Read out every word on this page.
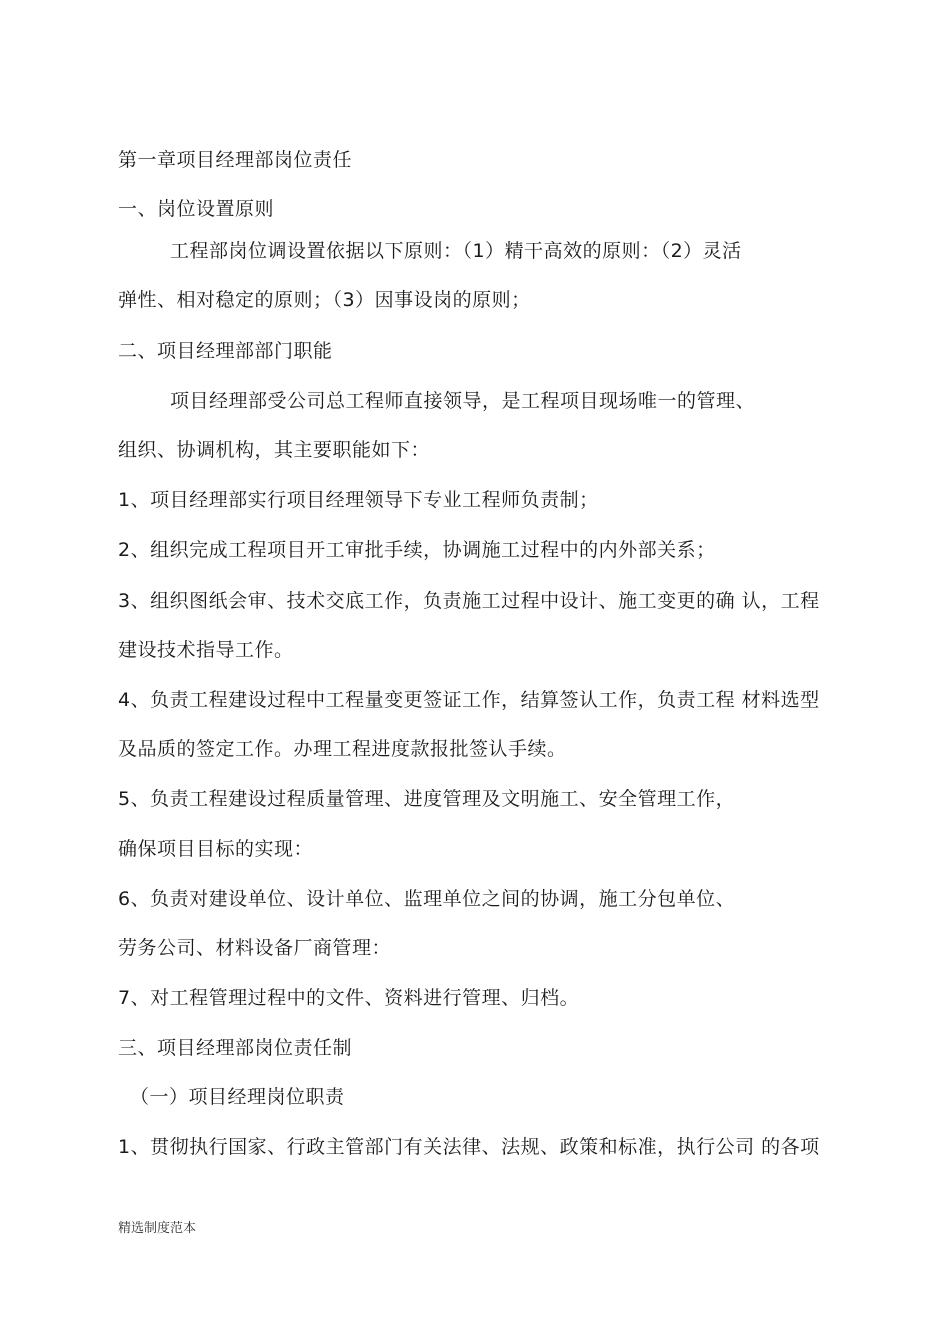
第一章项目经理部岗位责任
一、岗位设置原则
工程部岗位调设置依据以下原则：（1）精干高效的原则：（2）灵活
弹性、相对稳定的原则；（3）因事设岗的原则；
二、项目经理部部门职能
项目经理部受公司总工程师直接领导，是工程项目现场唯一的管理、
组织、协调机构，其主要职能如下：
1、项目经理部实行项目经理领导下专业工程师负责制；
2、组织完成工程项目开工审批手续，协调施工过程中的内外部关系；
3、组织图纸会审、技术交底工作，负责施工过程中设计、施工变更的确 认，工程
建设技术指导工作。
4、负责工程建设过程中工程量变更签证工作，结算签认工作，负责工程 材料选型
及品质的签定工作。办理工程进度款报批签认手续。
5、负责工程建设过程质量管理、进度管理及文明施工、安全管理工作，
确保项目目标的实现：
6、负责对建设单位、设计单位、监理单位之间的协调，施工分包单位、
劳务公司、材料设备厂商管理：
7、对工程管理过程中的文件、资料进行管理、归档。
三、项目经理部岗位责任制
（一）项目经理岗位职责
1、贯彻执行国家、行政主管部门有关法律、法规、政策和标准，执行公司 的各项
精选制度范本
